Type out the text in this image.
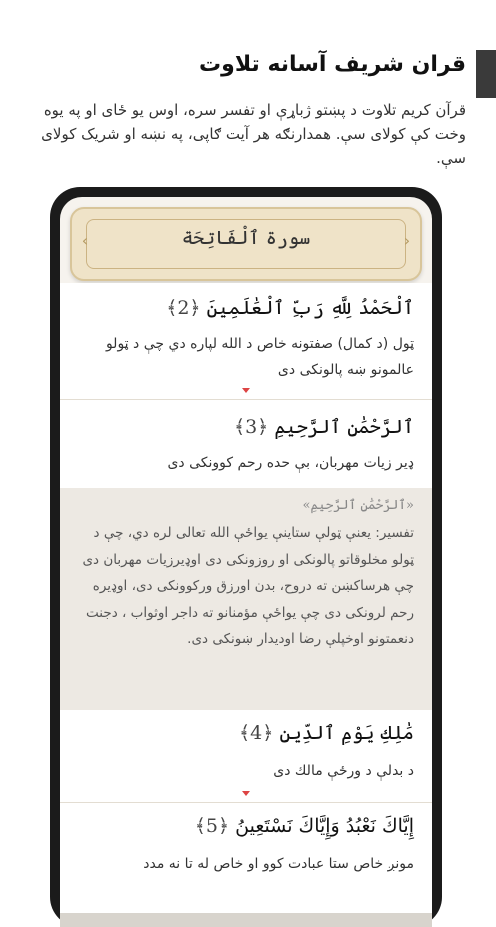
قران شریف آسانه تلاوت
قرآن کریم تلاوت د پښتو ژباړې او تفسر سره، اوس یو ځای او په یوه وخت کې کولای سې. همدارنګه هر آیت ګاپی، په نښه او شریک کولای سې.
‹	›
سورة ٱلْفَاتِحَة
ٱلْحَمْدُ لِلَّهِ رَبِّ ٱلْعَٰلَمِينَ ﴿2﴾
ټول (د کمال) صفتونه خاص د الله لپاره دي چې د ټولو عالمونو ښه پالونکی دی
ٱلرَّحْمَٰنِ ٱلرَّحِيمِ ﴿3﴾
ډیر زیات مهربان، بې حده رحم کوونکی دی
«ٱلرَّحْمَٰنِ ٱلرَّحِيمِ»
تفسیر: یعنې ټولې ستاینې یواځې الله تعالی لره دي، چې د ټولو مخلوقاتو پالونکی او روزونکی دی اوډیرزیات مهربان دی چې هرساکښن ته دروح، بدن اورزق ورکوونکی دی، اوډیره رحم لرونکی دی چې یواځې مؤمنانو ته داجر اوثواب ، دجنت دنعمتونو اوخپلې رضا اودیدار ښونکی دی.
مَٰلِكِ يَوْمِ ٱلدِّينِ ﴿4﴾
د بدلې د ورځې مالك دی
إِيَّاكَ نَعْبُدُ وَإِيَّاكَ نَسْتَعِينُ ﴿5﴾
مونږ خاص ستا عبادت کوو او خاص له تا نه مدد
